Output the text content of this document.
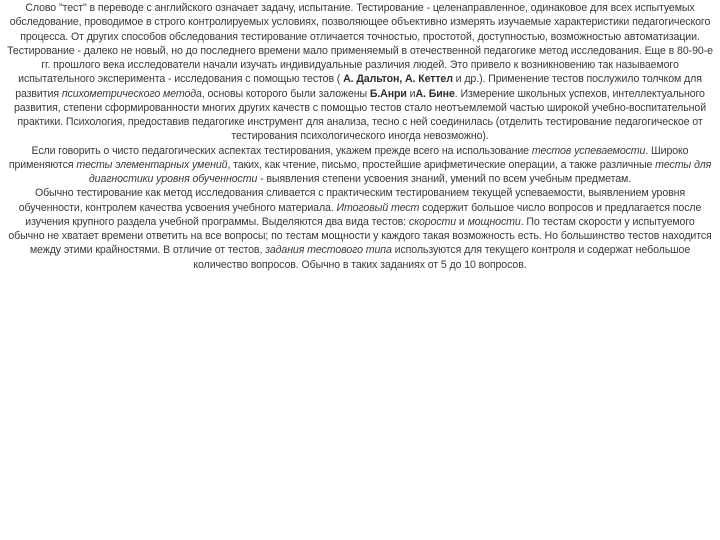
Слово "тест" в переводе с английского означает задачу, испытание. Тестирование - целенаправленное, одинаковое для всех испытуемых обследование, проводимое в строго контролируемых условиях, позволяющее объективно измерять изучаемые характеристики педагогического процесса. От других способов обследования тестирование отличается точностью, простотой, доступностью, возможностью автоматизации.

Тестирование - далеко не новый, но до последнего времени мало применяемый в отечественной педагогике метод исследования. Еще в 80-90-е гг. прошлого века исследователи начали изучать индивидуальные различия людей. Это привело к возникновению так называемого испытательного эксперимента - исследования с помощью тестов ( А. Дальтон, А. Кеттел и др.). Применение тестов послужило толчком для развития психометрического метода, основы которого были заложены Б.Анри иА. Бине. Измерение школьных успехов, интеллектуального развития, степени сформированности многих других качеств с помощью тестов стало неотъемлемой частью широкой учебно-воспитательной практики. Психология, предоставив педагогике инструмент для анализа, тесно с ней соединилась (отделить тестирование педагогическое от тестирования психологического иногда невозможно).

Если говорить о чисто педагогических аспектах тестирования, укажем прежде всего на использование тестов успеваемости. Широко применяются тесты элементарных умений, таких, как чтение, письмо, простейшие арифметические операции, а также различные тесты для диагностики уровня обученности - выявления степени усвоения знаний, умений по всем учебным предметам.

Обычно тестирование как метод исследования сливается с практическим тестированием текущей успеваемости, выявлением уровня обученности, контролем качества усвоения учебного материала. Итоговый тест содержит большое число вопросов и предлагается после изучения крупного раздела учебной программы. Выделяются два вида тестов: скорости и мощности. По тестам скорости у испытуемого обычно не хватает времени ответить на все вопросы; по тестам мощности у каждого такая возможность есть. Но большинство тестов находится между этими крайностями. В отличие от тестов, задания тестового типа используются для текущего контроля и содержат небольшое количество вопросов. Обычно в таких заданиях от 5 до 10 вопросов.
